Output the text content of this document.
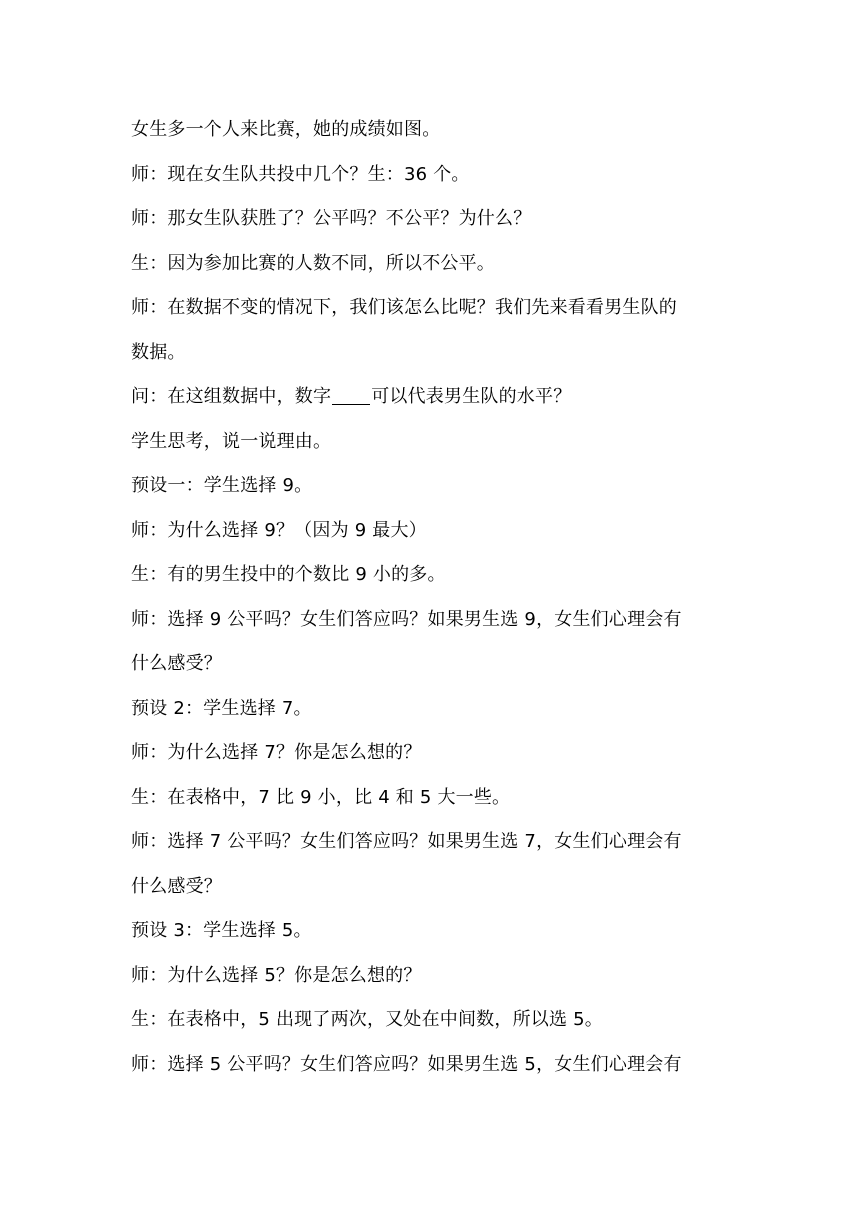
女生多一个人来比赛，她的成绩如图。
师：现在女生队共投中几个？生：36 个。
师：那女生队获胜了？公平吗？不公平？为什么？
生：因为参加比赛的人数不同，所以不公平。
师：在数据不变的情况下，我们该怎么比呢？我们先来看看男生队的
数据。
问：在这组数据中，数字 可以代表男生队的水平？
学生思考，说一说理由。
预设一：学生选择 9。
师：为什么选择 9？（因为 9 最大）
生：有的男生投中的个数比 9 小的多。
师：选择 9 公平吗？女生们答应吗？如果男生选 9，女生们心理会有
什么感受？
预设 2：学生选择 7。
师：为什么选择 7？你是怎么想的？
生：在表格中，7 比 9 小，比 4 和 5 大一些。
师：选择 7 公平吗？女生们答应吗？如果男生选 7，女生们心理会有
什么感受？
预设 3：学生选择 5。
师：为什么选择 5？你是怎么想的？
生：在表格中，5 出现了两次，又处在中间数，所以选 5。
师：选择 5 公平吗？女生们答应吗？如果男生选 5，女生们心理会有
